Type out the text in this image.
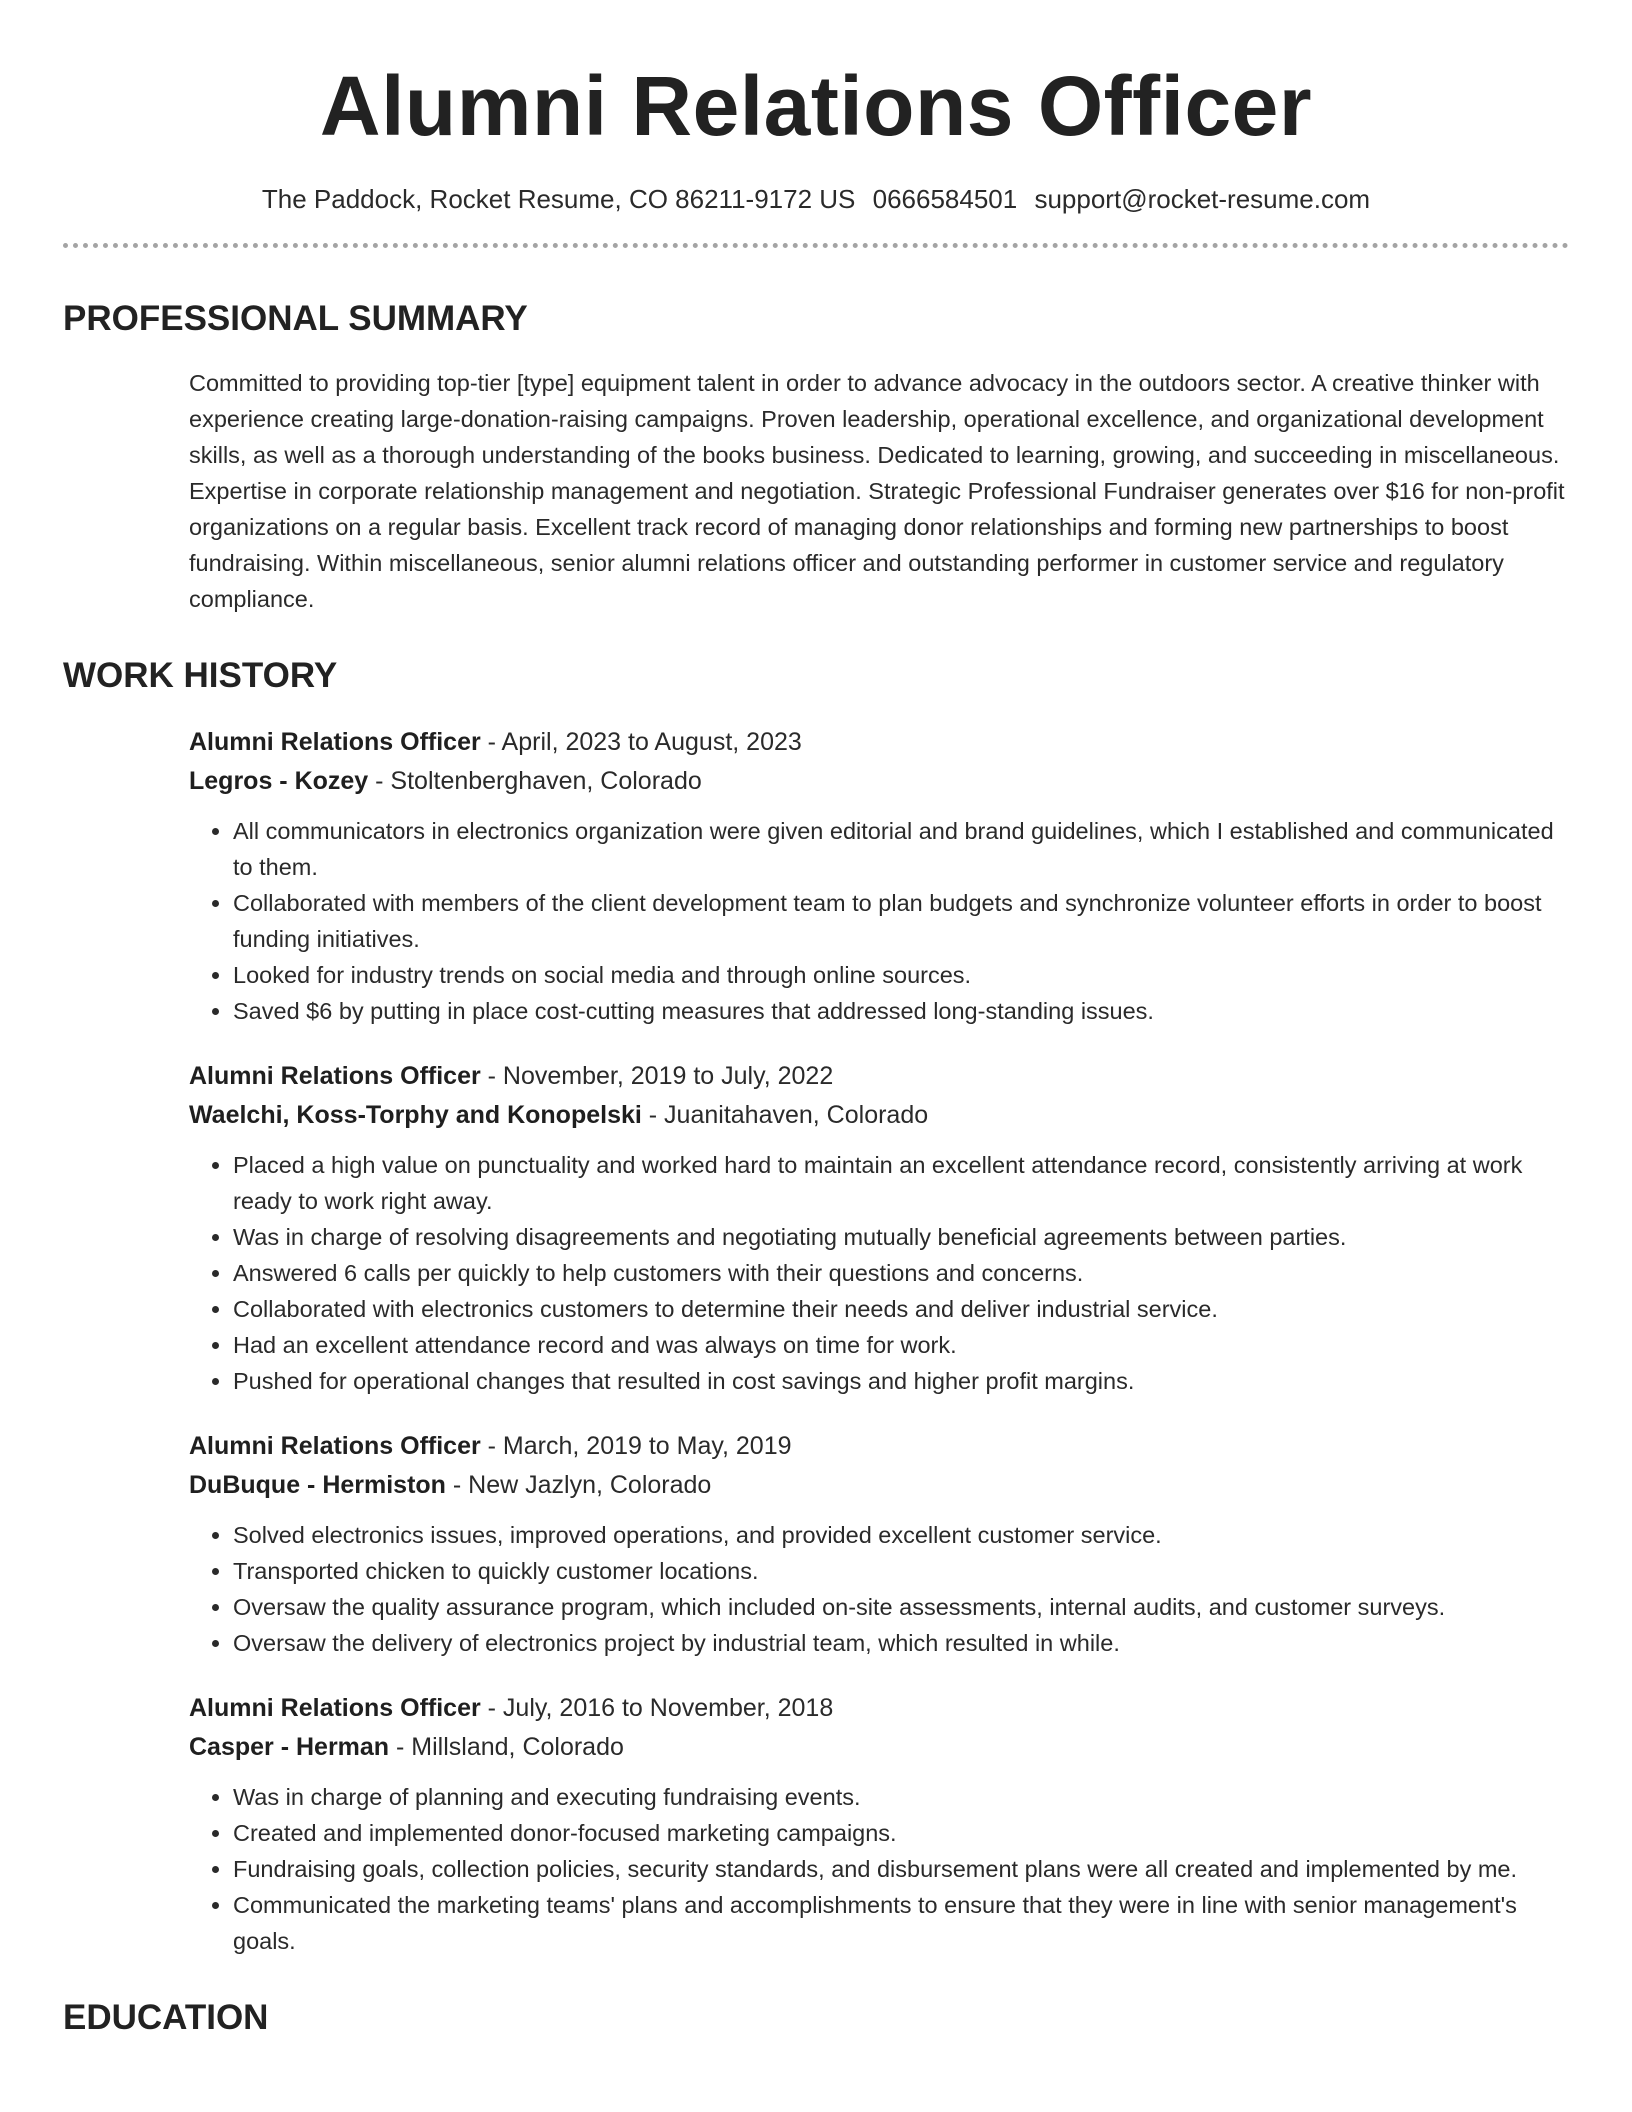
Alumni Relations Officer
The Paddock, Rocket Resume, CO 86211-9172 US 0666584501 support@rocket-resume.com
PROFESSIONAL SUMMARY

Committed to providing top-tier [type] equipment talent in order to advance advocacy in the outdoors sector. A creative thinker with experience creating large-donation-raising campaigns. Proven leadership, operational excellence, and organizational development skills, as well as a thorough understanding of the books business. Dedicated to learning, growing, and succeeding in miscellaneous. Expertise in corporate relationship management and negotiation. Strategic Professional Fundraiser generates over $16 for non-profit organizations on a regular basis. Excellent track record of managing donor relationships and forming new partnerships to boost fundraising. Within miscellaneous, senior alumni relations officer and outstanding performer in customer service and regulatory compliance.

WORK HISTORY
Alumni Relations Officer - April, 2023 to August, 2023
Legros - Kozey - Stoltenberghaven, Colorado
• All communicators in electronics organization were given editorial and brand guidelines, which I established and communicated to them.
• Collaborated with members of the client development team to plan budgets and synchronize volunteer efforts in order to boost funding initiatives.
• Looked for industry trends on social media and through online sources.
• Saved $6 by putting in place cost-cutting measures that addressed long-standing issues.
Alumni Relations Officer - November, 2019 to July, 2022
Waelchi, Koss-Torphy and Konopelski - Juanitahaven, Colorado
• Placed a high value on punctuality and worked hard to maintain an excellent attendance record, consistently arriving at work ready to work right away.
• Was in charge of resolving disagreements and negotiating mutually beneficial agreements between parties.
• Answered 6 calls per quickly to help customers with their questions and concerns.
• Collaborated with electronics customers to determine their needs and deliver industrial service.
• Had an excellent attendance record and was always on time for work.
• Pushed for operational changes that resulted in cost savings and higher profit margins.
Alumni Relations Officer - March, 2019 to May, 2019
DuBuque - Hermiston - New Jazlyn, Colorado
• Solved electronics issues, improved operations, and provided excellent customer service.
• Transported chicken to quickly customer locations.
• Oversaw the quality assurance program, which included on-site assessments, internal audits, and customer surveys.
• Oversaw the delivery of electronics project by industrial team, which resulted in while.
Alumni Relations Officer - July, 2016 to November, 2018
Casper - Herman - Millsland, Colorado
• Was in charge of planning and executing fundraising events.
• Created and implemented donor-focused marketing campaigns.
• Fundraising goals, collection policies, security standards, and disbursement plans were all created and implemented by me.
• Communicated the marketing teams' plans and accomplishments to ensure that they were in line with senior management's goals.
EDUCATION
